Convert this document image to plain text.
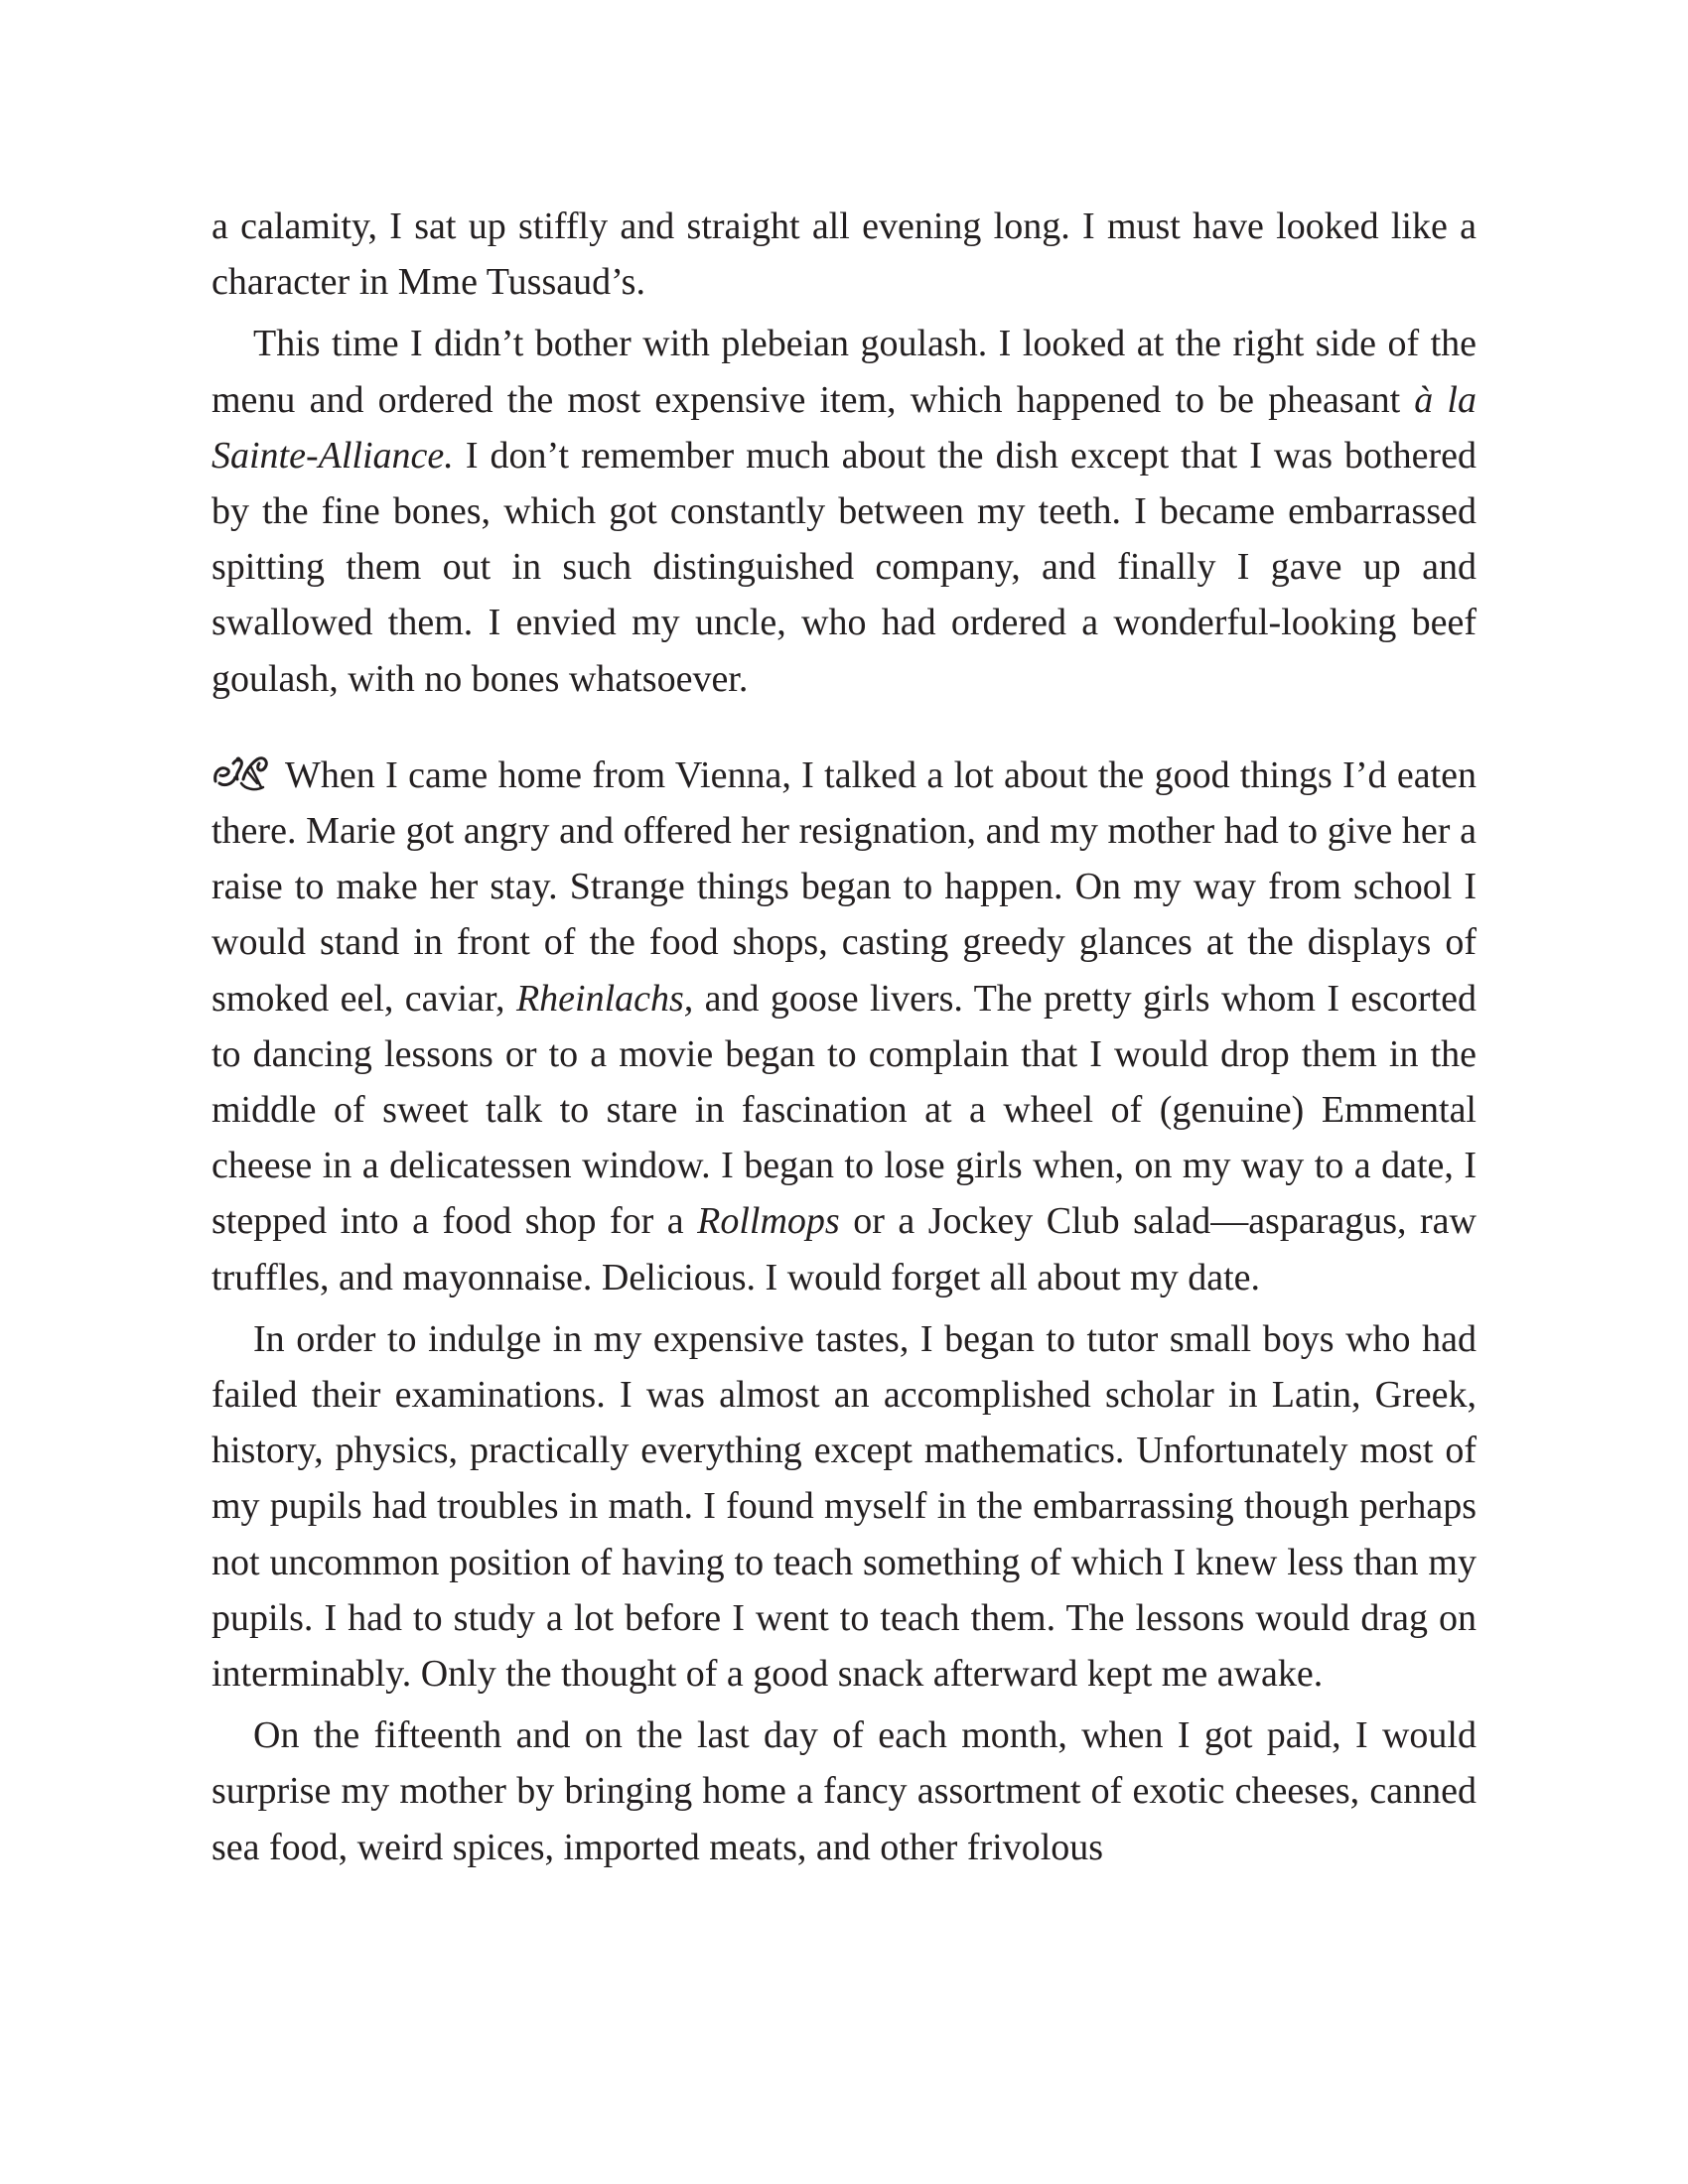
a calamity, I sat up stiffly and straight all evening long. I must have looked like a character in Mme Tussaud’s.

This time I didn’t bother with plebeian goulash. I looked at the right side of the menu and ordered the most expensive item, which happened to be pheasant à la Sainte-Alliance. I don’t remember much about the dish except that I was bothered by the fine bones, which got constantly between my teeth. I became embarrassed spitting them out in such distinguished company, and finally I gave up and swallowed them. I envied my uncle, who had ordered a wonderful-looking beef goulash, with no bones whatsoever.

When I came home from Vienna, I talked a lot about the good things I’d eaten there. Marie got angry and offered her resignation, and my mother had to give her a raise to make her stay. Strange things began to happen. On my way from school I would stand in front of the food shops, casting greedy glances at the displays of smoked eel, caviar, Rheinlachs, and goose livers. The pretty girls whom I escorted to dancing lessons or to a movie began to complain that I would drop them in the middle of sweet talk to stare in fascination at a wheel of (genuine) Emmental cheese in a delicatessen window. I began to lose girls when, on my way to a date, I stepped into a food shop for a Rollmops or a Jockey Club salad—asparagus, raw truffles, and mayonnaise. Delicious. I would forget all about my date.

In order to indulge in my expensive tastes, I began to tutor small boys who had failed their examinations. I was almost an accomplished scholar in Latin, Greek, history, physics, practically everything except mathematics. Unfortunately most of my pupils had troubles in math. I found myself in the embarrassing though perhaps not uncommon position of having to teach something of which I knew less than my pupils. I had to study a lot before I went to teach them. The lessons would drag on interminably. Only the thought of a good snack afterward kept me awake.

On the fifteenth and on the last day of each month, when I got paid, I would surprise my mother by bringing home a fancy assortment of exotic cheeses, canned sea food, weird spices, imported meats, and other frivolous
